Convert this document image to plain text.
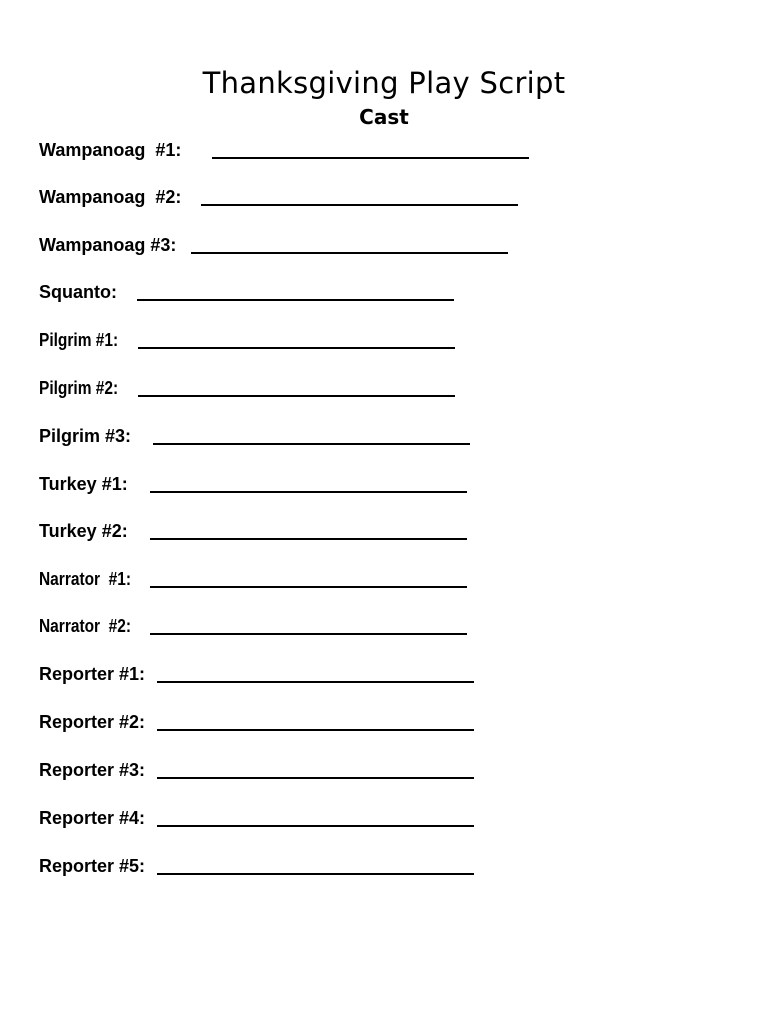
Thanksgiving Play Script
Cast
Wampanoag  #1:
Wampanoag  #2:
Wampanoag #3:
Squanto:
Pilgrim #1:
Pilgrim #2:
Pilgrim #3:
Turkey #1:
Turkey #2:
Narrator  #1:
Narrator  #2:
Reporter #1:
Reporter #2:
Reporter #3:
Reporter #4:
Reporter #5:
